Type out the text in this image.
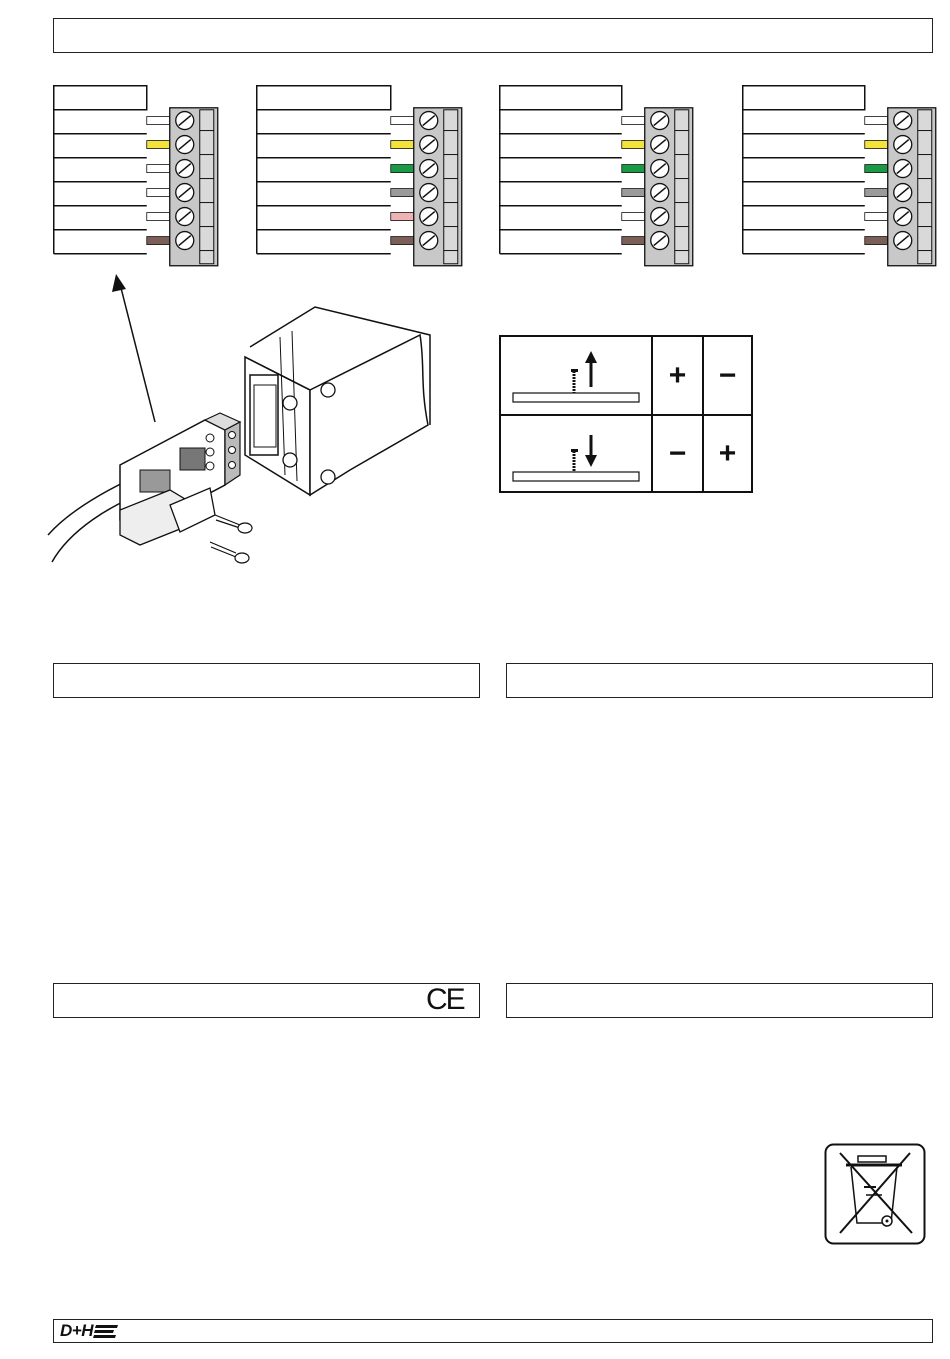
+ −
− +
CE
D+H
